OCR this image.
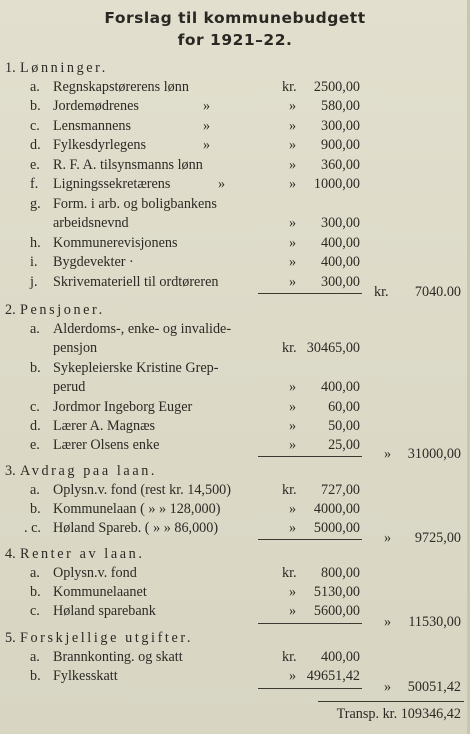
Forslag til kommunebudgett
for 1921–22.
1. Lønninger.
a. Regnskapstørerens lønn	kr. 2500,00
b. Jordemødrenes	»	» 580,00
c. Lensmannens	»	» 300,00
d. Fylkesdyrlegens	»	» 900,00
e. R. F. A. tilsynsmanns lønn	» 360,00
f. Ligningssekretærens	»	» 1000,00
g. Form. i arb. og boligbankens
arbeidsnevnd	» 300,00
h. Kommunerevisjonens	» 400,00
i. Bygdevekter ·	» 400,00
j. Skrivemateriell til ordtøreren	» 300,00
kr. 7040.00
2. Pensjoner.
a. Alderdoms-, enke- og invalide-
pensjon	kr. 30465,00
b. Sykepleierske Kristine Grep-
perud	» 400,00
c. Jordmor Ingeborg Euger	» 60,00
d. Lærer A. Magnæs	» 50,00
e. Lærer Olsens enke	» 25,00
» 31000,00
3. Avdrag paa laan.
a. Oplysn.v. fond (rest kr. 14,500)	kr. 727,00
b. Kommunelaan ( » » 128,000)	» 4000,00
. c. Høland Spareb. ( » » 86,000)	» 5000,00
» 9725,00
4. Renter av laan.
a. Oplysn.v. fond	kr. 800,00
b. Kommunelaanet	» 5130,00
c. Høland sparebank	» 5600,00
» 11530,00
5. Forskjellige utgifter.
a. Brannkonting. og skatt	kr. 400,00
b. Fylkesskatt	» 49651,42
» 50051,42
Transp. kr. 109346,42
